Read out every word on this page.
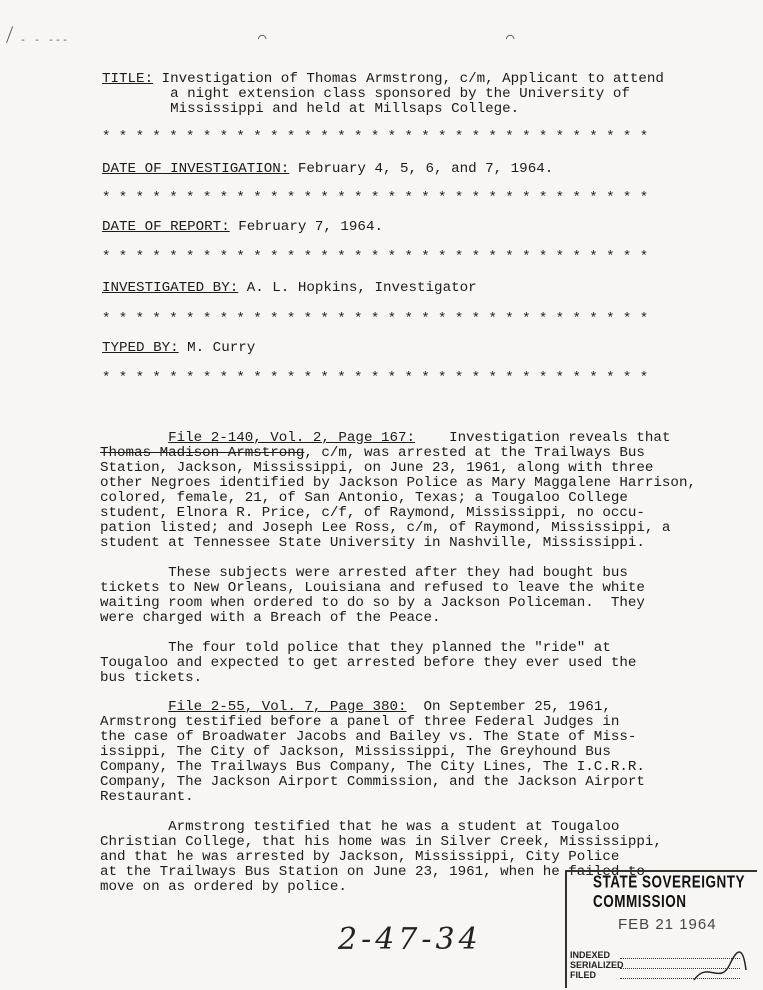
⟋ - - ---	⌒	⌒
TITLE: Investigation of Thomas Armstrong, c/m, Applicant to attend
a night extension class sponsored by the University of
Mississippi and held at Millsaps College.
* * * * * * * * * * * * * * * * * * * * * * * * * * * * * * * * *
DATE OF INVESTIGATION: February 4, 5, 6, and 7, 1964.
* * * * * * * * * * * * * * * * * * * * * * * * * * * * * * * * *
DATE OF REPORT: February 7, 1964.
* * * * * * * * * * * * * * * * * * * * * * * * * * * * * * * * *
INVESTIGATED BY: A. L. Hopkins, Investigator
* * * * * * * * * * * * * * * * * * * * * * * * * * * * * * * * *
TYPED BY: M. Curry
* * * * * * * * * * * * * * * * * * * * * * * * * * * * * * * * *
File 2-140, Vol. 2, Page 167: Investigation reveals that
Thomas Madison Armstrong, c/m, was arrested at the Trailways Bus
Station, Jackson, Mississippi, on June 23, 1961, along with three
other Negroes identified by Jackson Police as Mary Maggalene Harrison,
colored, female, 21, of San Antonio, Texas; a Tougaloo College
student, Elnora R. Price, c/f, of Raymond, Mississippi, no occu-
pation listed; and Joseph Lee Ross, c/m, of Raymond, Mississippi, a
student at Tennessee State University in Nashville, Mississippi.
These subjects were arrested after they had bought bus
tickets to New Orleans, Louisiana and refused to leave the white
waiting room when ordered to do so by a Jackson Policeman.  They
were charged with a Breach of the Peace.
The four told police that they planned the "ride" at
Tougaloo and expected to get arrested before they ever used the
bus tickets.
File 2-55, Vol. 7, Page 380:  On September 25, 1961,
Armstrong testified before a panel of three Federal Judges in
the case of Broadwater Jacobs and Bailey vs. The State of Miss-
issippi, The City of Jackson, Mississippi, The Greyhound Bus
Company, The Trailways Bus Company, The City Lines, The I.C.R.R.
Company, The Jackson Airport Commission, and the Jackson Airport
Restaurant.
Armstrong testified that he was a student at Tougaloo
Christian College, that his home was in Silver Creek, Mississippi,
and that he was arrested by Jackson, Mississippi, City Police
at the Trailways Bus Station on June 23, 1961, when he failed to
move on as ordered by police.
2-47-34
STATE SOVEREIGNTY COMMISSION
FEB 21 1964
INDEXED
SERIALIZED
FILED
